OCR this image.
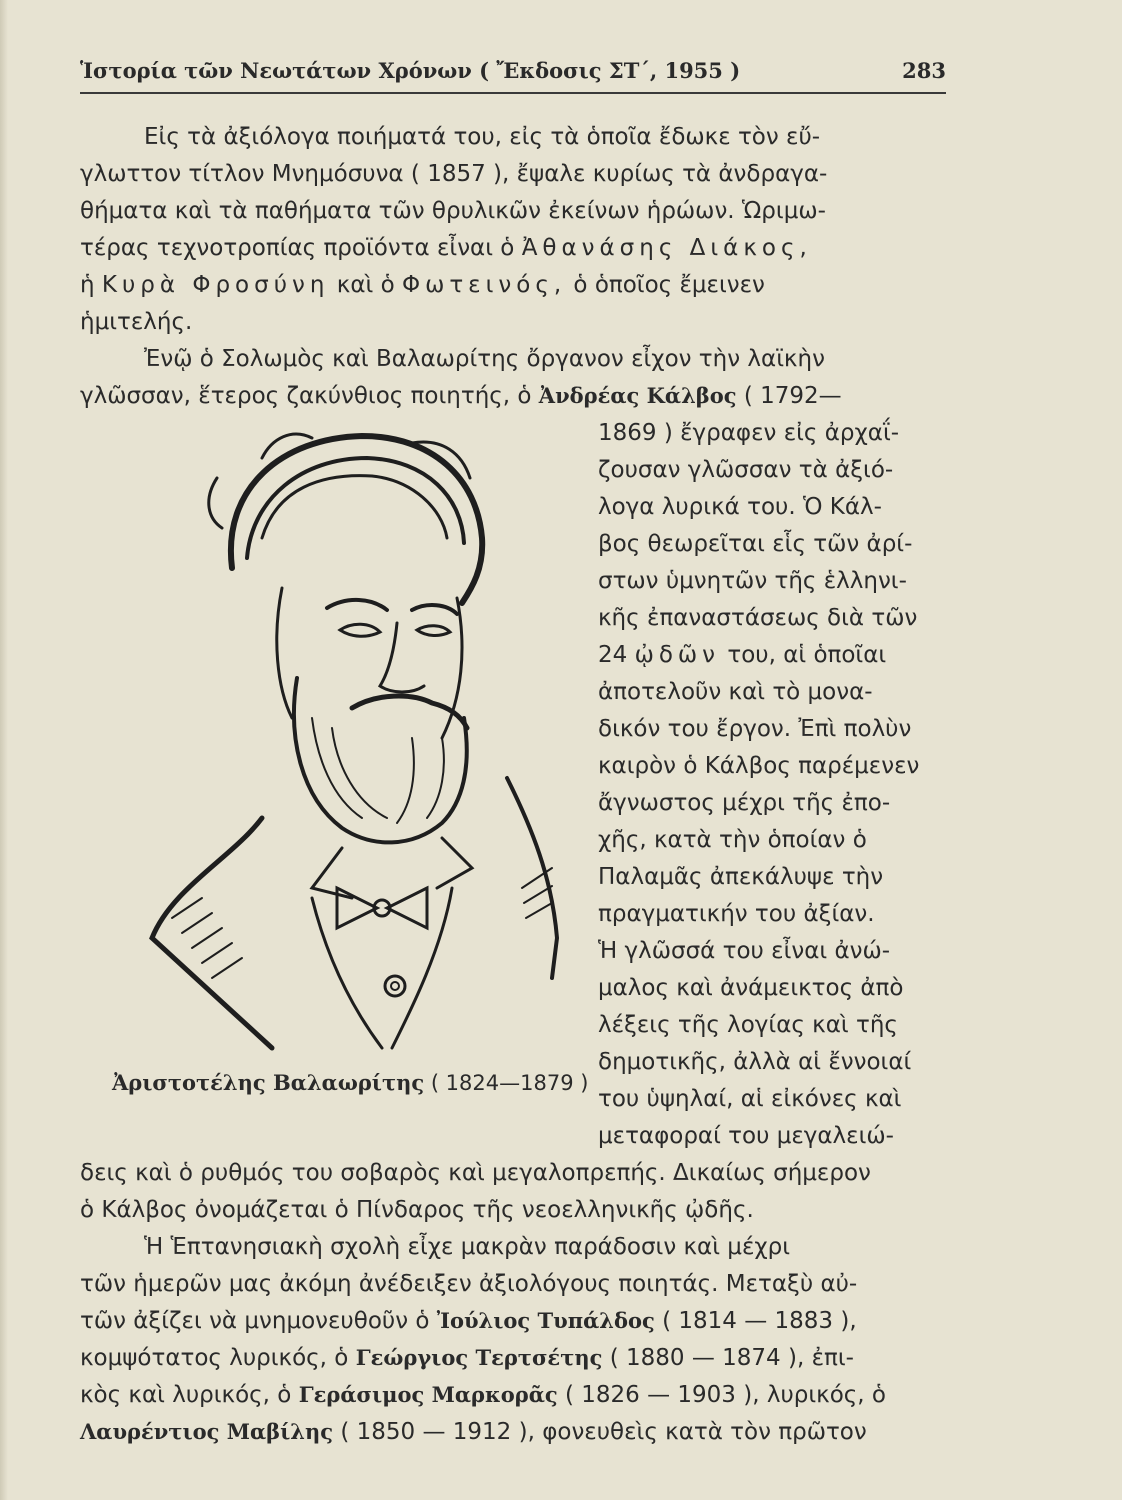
Ἱστορία τῶν Νεωτάτων Χρόνων ( Ἔκδοσις ΣΤ΄, 1955 )	283
Εἰς τὰ ἀξιόλογα ποιήματά του, εἰς τὰ ὁποῖα ἔδωκε τὸν εὔ-
γλωττον τίτλον Μνημόσυνα ( 1857 ), ἔψαλε κυρίως τὰ ἀνδραγα-
θήματα καὶ τὰ παθήματα τῶν θρυλικῶν ἐκείνων ἡρώων. Ὡριμω-
τέρας τεχνοτροπίας προϊόντα εἶναι ὁ Ἀθανάσης Διάκος,
ἡ Κυρὰ Φροσύνη καὶ ὁ Φωτεινός, ὁ ὁποῖος ἔμεινεν
ἡμιτελής.
Ἐνῷ ὁ Σολωμὸς καὶ Βαλαωρίτης ὄργανον εἶχον τὴν λαϊκὴν
γλῶσσαν, ἕτερος ζακύνθιος ποιητής, ὁ Ἀνδρέας Κάλβος ( 1792—
1869 ) ἔγραφεν εἰς ἀρχαΐ-
ζουσαν γλῶσσαν τὰ ἀξιό-
λογα λυρικά του. Ὁ Κάλ-
βος θεωρεῖται εἷς τῶν ἀρί-
στων ὑμνητῶν τῆς ἑλληνι-
κῆς ἐπαναστάσεως διὰ τῶν
24 ᾠδῶν του, αἱ ὁποῖαι
ἀποτελοῦν καὶ τὸ μονα-
δικόν του ἔργον. Ἐπὶ πολὺν
καιρὸν ὁ Κάλβος παρέμενεν
ἄγνωστος μέχρι τῆς ἐπο-
χῆς, κατὰ τὴν ὁποίαν ὁ
Παλαμᾶς ἀπεκάλυψε τὴν
πραγματικήν του ἀξίαν.
Ἡ γλῶσσά του εἶναι ἀνώ-
μαλος καὶ ἀνάμεικτος ἀπὸ
λέξεις τῆς λογίας καὶ τῆς
δημοτικῆς, ἀλλὰ αἱ ἔννοιαί
του ὑψηλαί, αἱ εἰκόνες καὶ
μεταφοραί του μεγαλειώ-
δεις καὶ ὁ ρυθμός του σοβαρὸς καὶ μεγαλοπρεπής. Δικαίως σήμερον
ὁ Κάλβος ὀνομάζεται ὁ Πίνδαρος τῆς νεοελληνικῆς ᾠδῆς.
Ἀριστοτέλης Βαλαωρίτης ( 1824—1879 )
Ἡ Ἑπτανησιακὴ σχολὴ εἶχε μακρὰν παράδοσιν καὶ μέχρι
τῶν ἡμερῶν μας ἀκόμη ἀνέδειξεν ἀξιολόγους ποιητάς. Μεταξὺ αὐ-
τῶν ἀξίζει νὰ μνημονευθοῦν ὁ Ἰούλιος Τυπάλδος ( 1814 — 1883 ),
κομψότατος λυρικός, ὁ Γεώργιος Τερτσέτης ( 1880 — 1874 ), ἐπι-
κὸς καὶ λυρικός, ὁ Γεράσιμος Μαρκορᾶς ( 1826 — 1903 ), λυρικός, ὁ
Λαυρέντιος Μαβίλης ( 1850 — 1912 ), φονευθεὶς κατὰ τὸν πρῶτον
